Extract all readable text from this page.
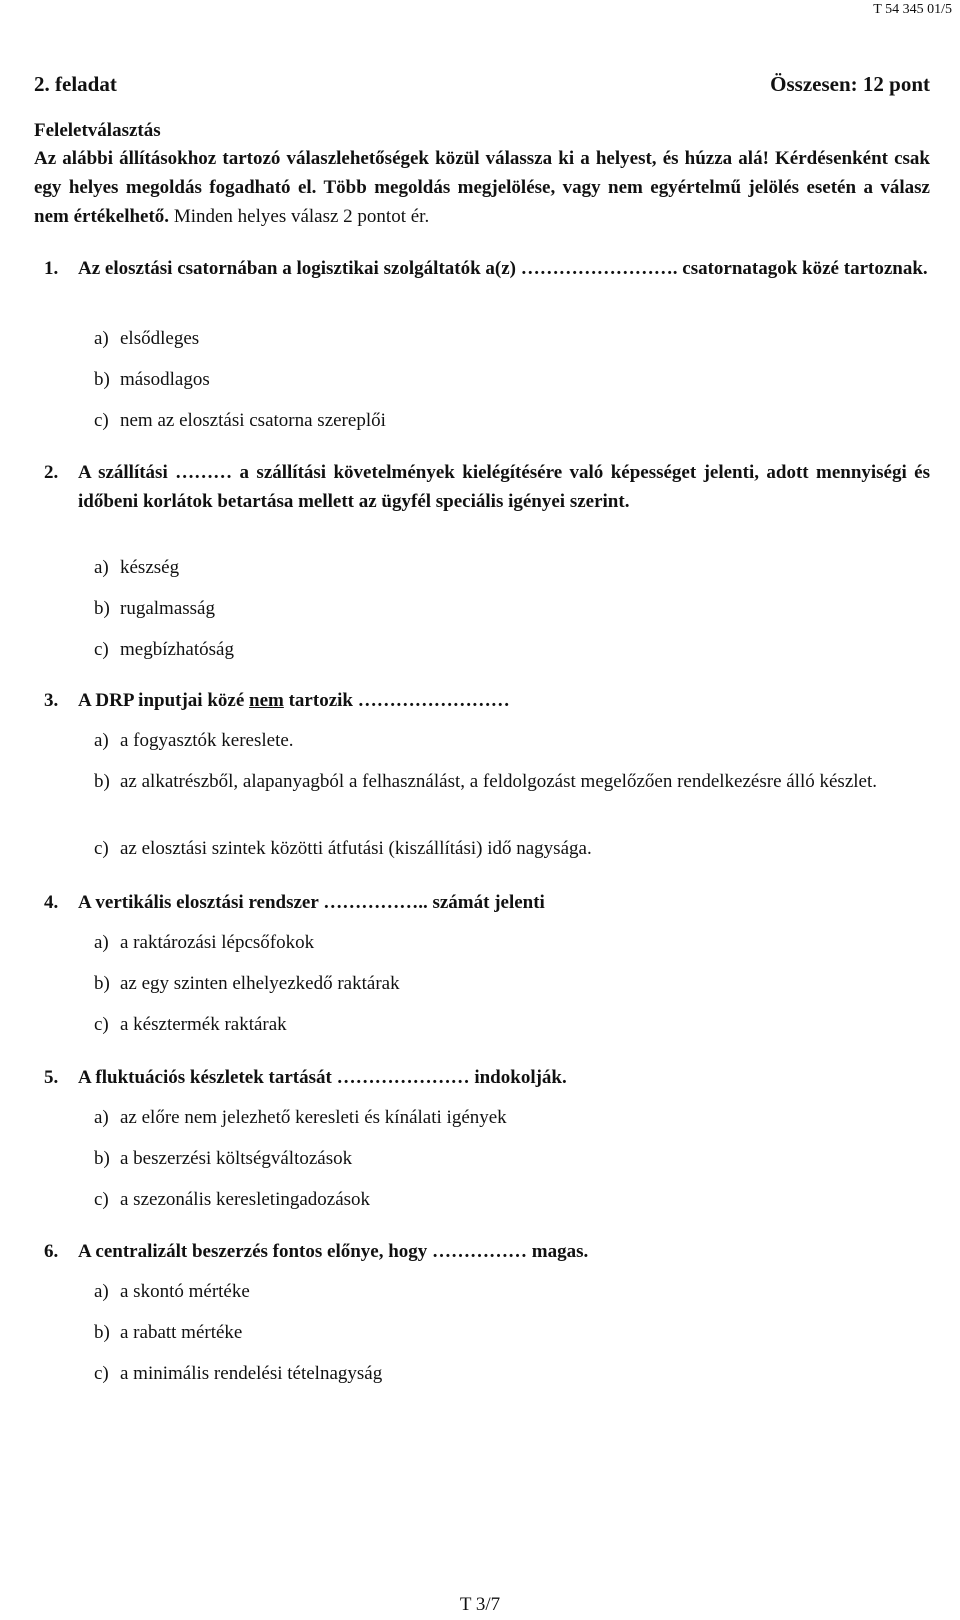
T 54 345 01/5
2. feladat	Összesen: 12 pont
Feleletválasztás
Az alábbi állításokhoz tartozó válaszlehetőségek közül válassza ki a helyest, és húzza alá! Kérdésenként csak egy helyes megoldás fogadható el. Több megoldás megjelölése, vagy nem egyértelmű jelölés esetén a válasz nem értékelhető. Minden helyes válasz 2 pontot ér.
1.	Az elosztási csatornában a logisztikai szolgáltatók a(z) ……………………. csatornatagok közé tartoznak.
a) elsődleges
b) másodlagos
c) nem az elosztási csatorna szereplői
2.	A szállítási ……… a szállítási követelmények kielégítésére való képességet jelenti, adott mennyiségi és időbeni korlátok betartása mellett az ügyfél speciális igényei szerint.
a) készség
b) rugalmasság
c) megbízhatóság
3.	A DRP inputjai közé nem tartozik ……………………
a) a fogyasztók kereslete.
b) az alkatrészből, alapanyagból a felhasználást, a feldolgozást megelőzően rendelkezésre álló készlet.
c) az elosztási szintek közötti átfutási (kiszállítási) idő nagysága.
4.	A vertikális elosztási rendszer …………….. számát jelenti
a) a raktározási lépcsőfokok
b) az egy szinten elhelyezkedő raktárak
c) a késztermék raktárak
5.	A fluktuációs készletek tartását ………………… indokolják.
a) az előre nem jelezhető keresleti és kínálati igények
b) a beszerzési költségváltozások
c) a szezonális keresletingadozások
6.	A centralizált beszerzés fontos előnye, hogy …………… magas.
a) a skontó mértéke
b) a rabatt mértéke
c) a minimális rendelési tételnagyság
T 3/7
